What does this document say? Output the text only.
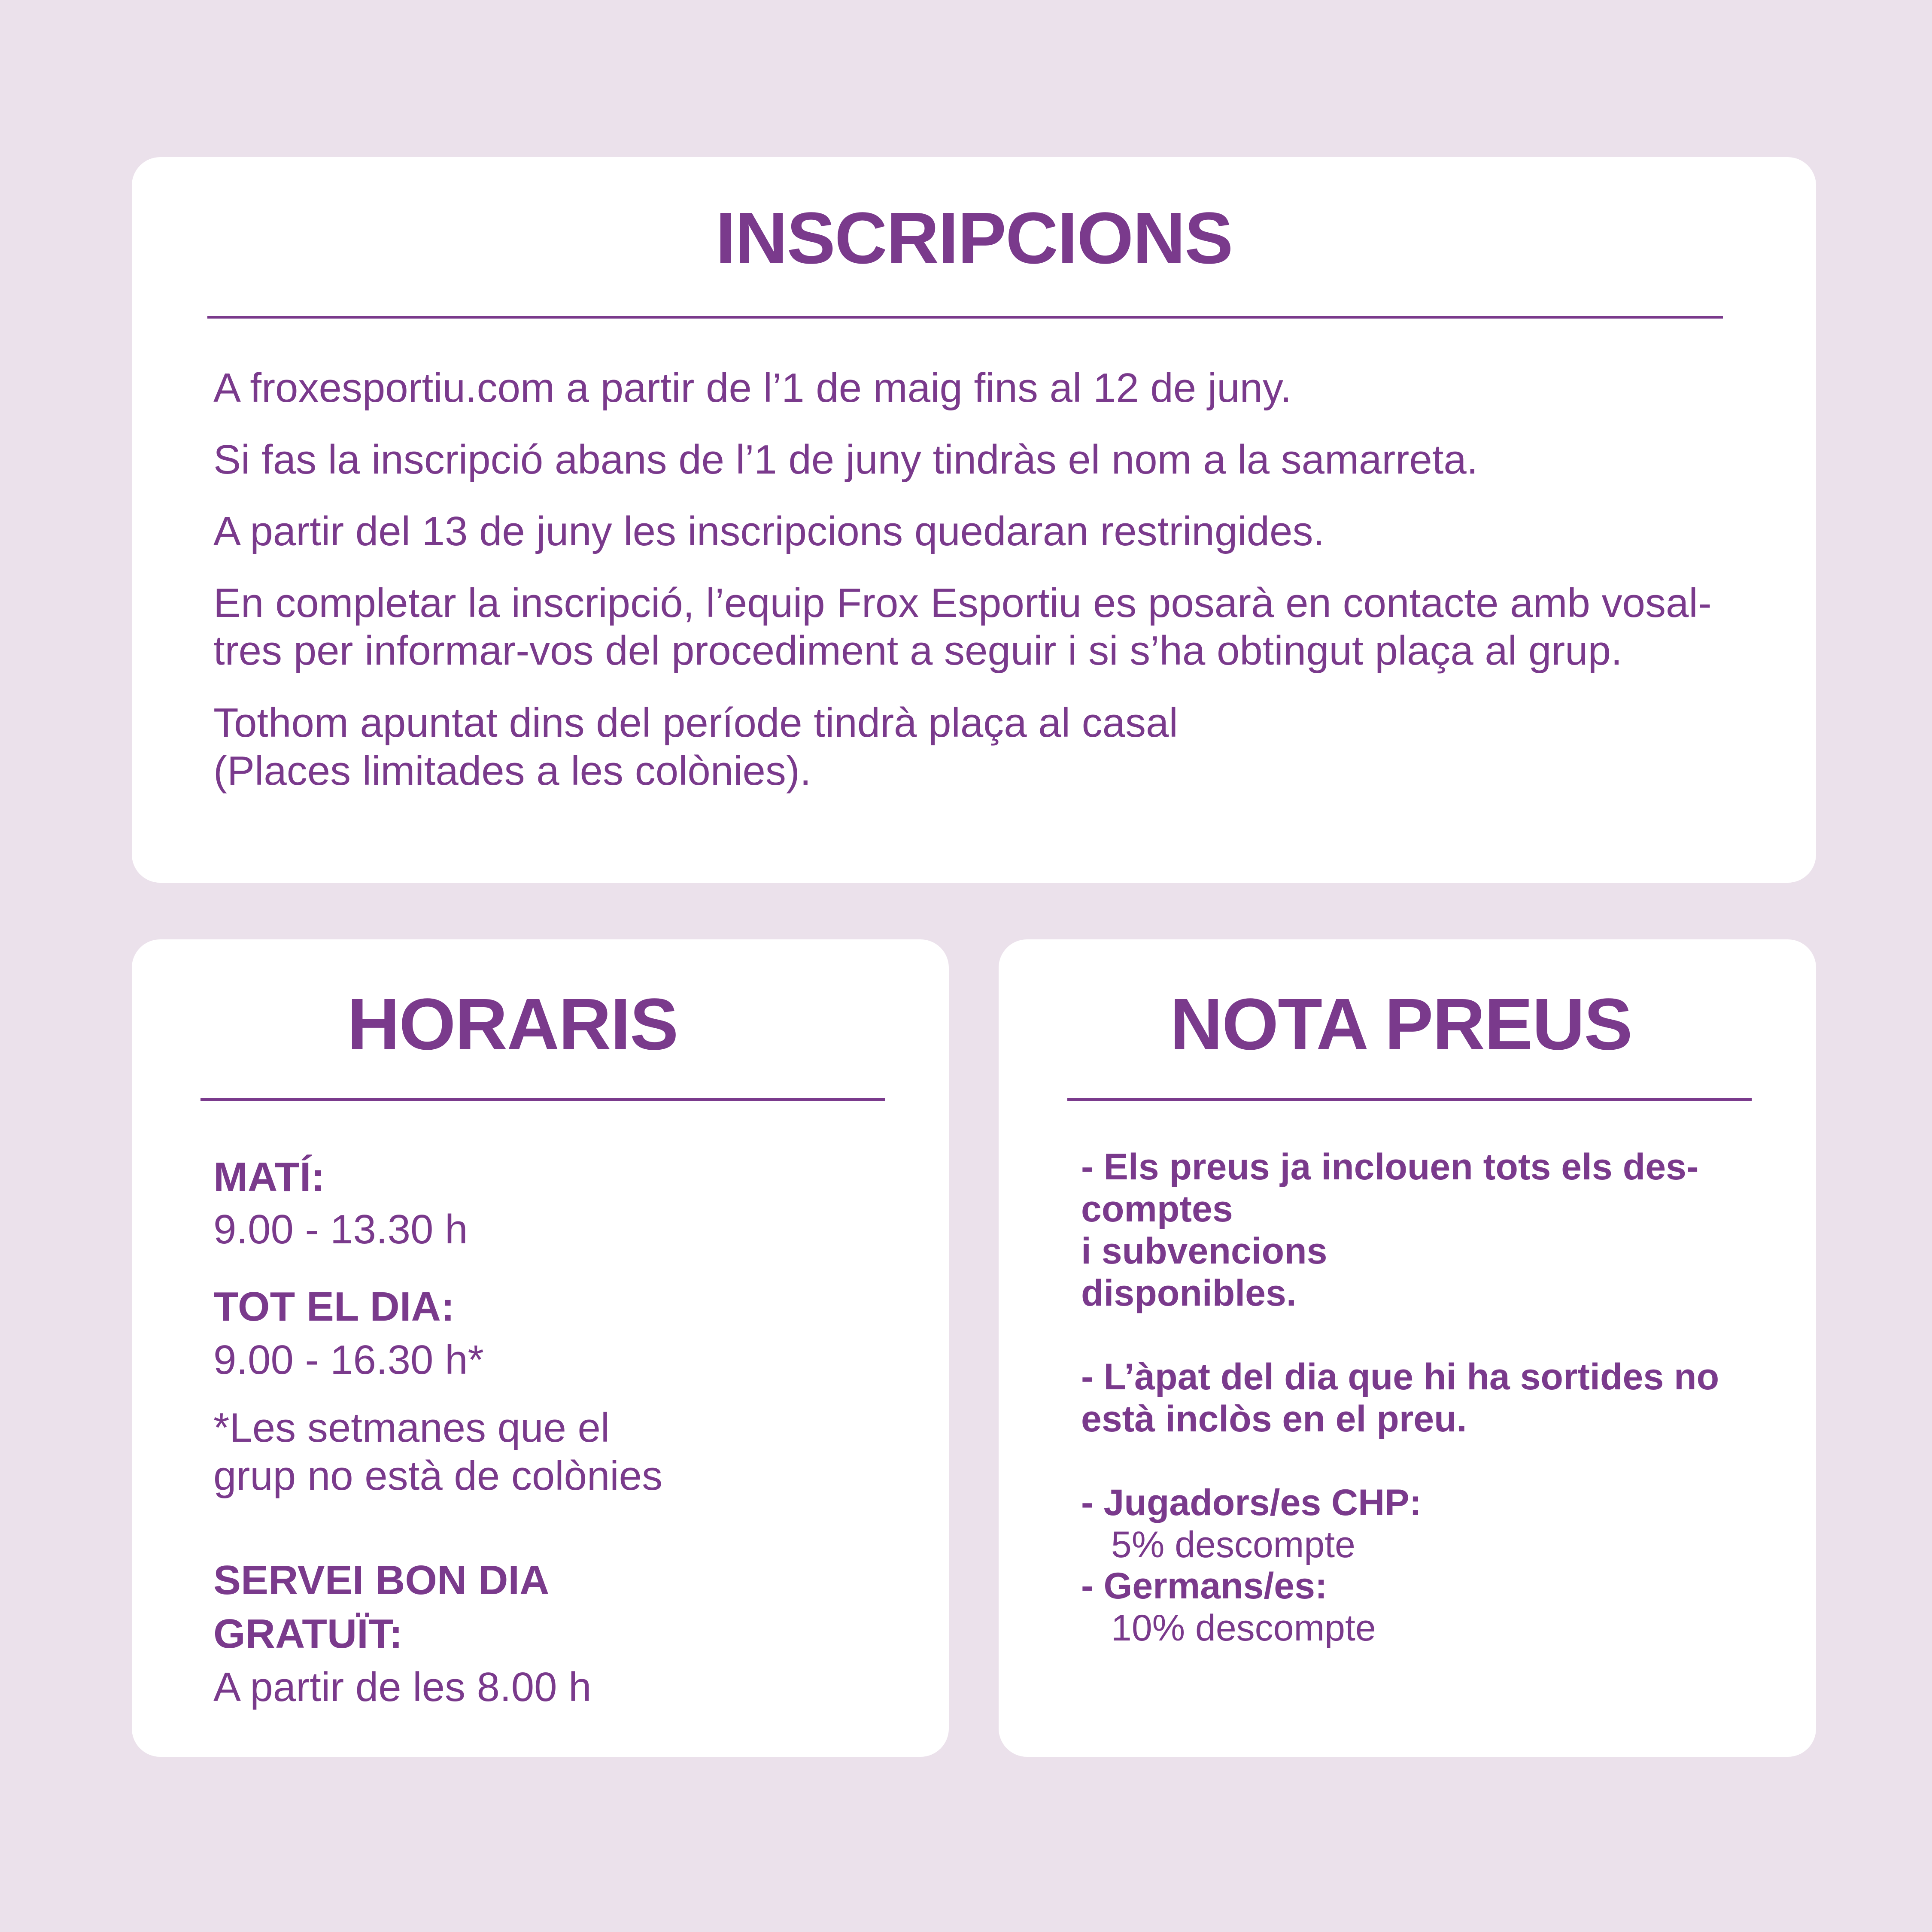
INSCRIPCIONS

A froxesportiu.com a partir de l’1 de maig fins al 12 de juny.

Si fas la inscripció abans de l’1 de juny tindràs el nom a la samarreta.

A partir del 13 de juny les inscripcions quedaran restringides.

En completar la inscripció, l’equip Frox Esportiu es posarà en contacte amb vosal-

tres per informar-vos del procediment a seguir i si s’ha obtingut plaça al grup.

Tothom apuntat dins del període tindrà plaça al casal

(Places limitades a les colònies).

HORARIS

MATÍ:

9.00 - 13.30 h

TOT EL DIA:

9.00 - 16.30 h*

*Les setmanes que el

grup no està de colònies

SERVEI BON DIA

GRATUÏT:

A partir de les 8.00 h

NOTA PREUS

- Els preus ja inclouen tots els des-

comptes

i subvencions

disponibles.

- L’àpat del dia que hi ha sortides no

està inclòs en el preu.

- Jugadors/es CHP:

5% descompte

- Germans/es:

10% descompte
